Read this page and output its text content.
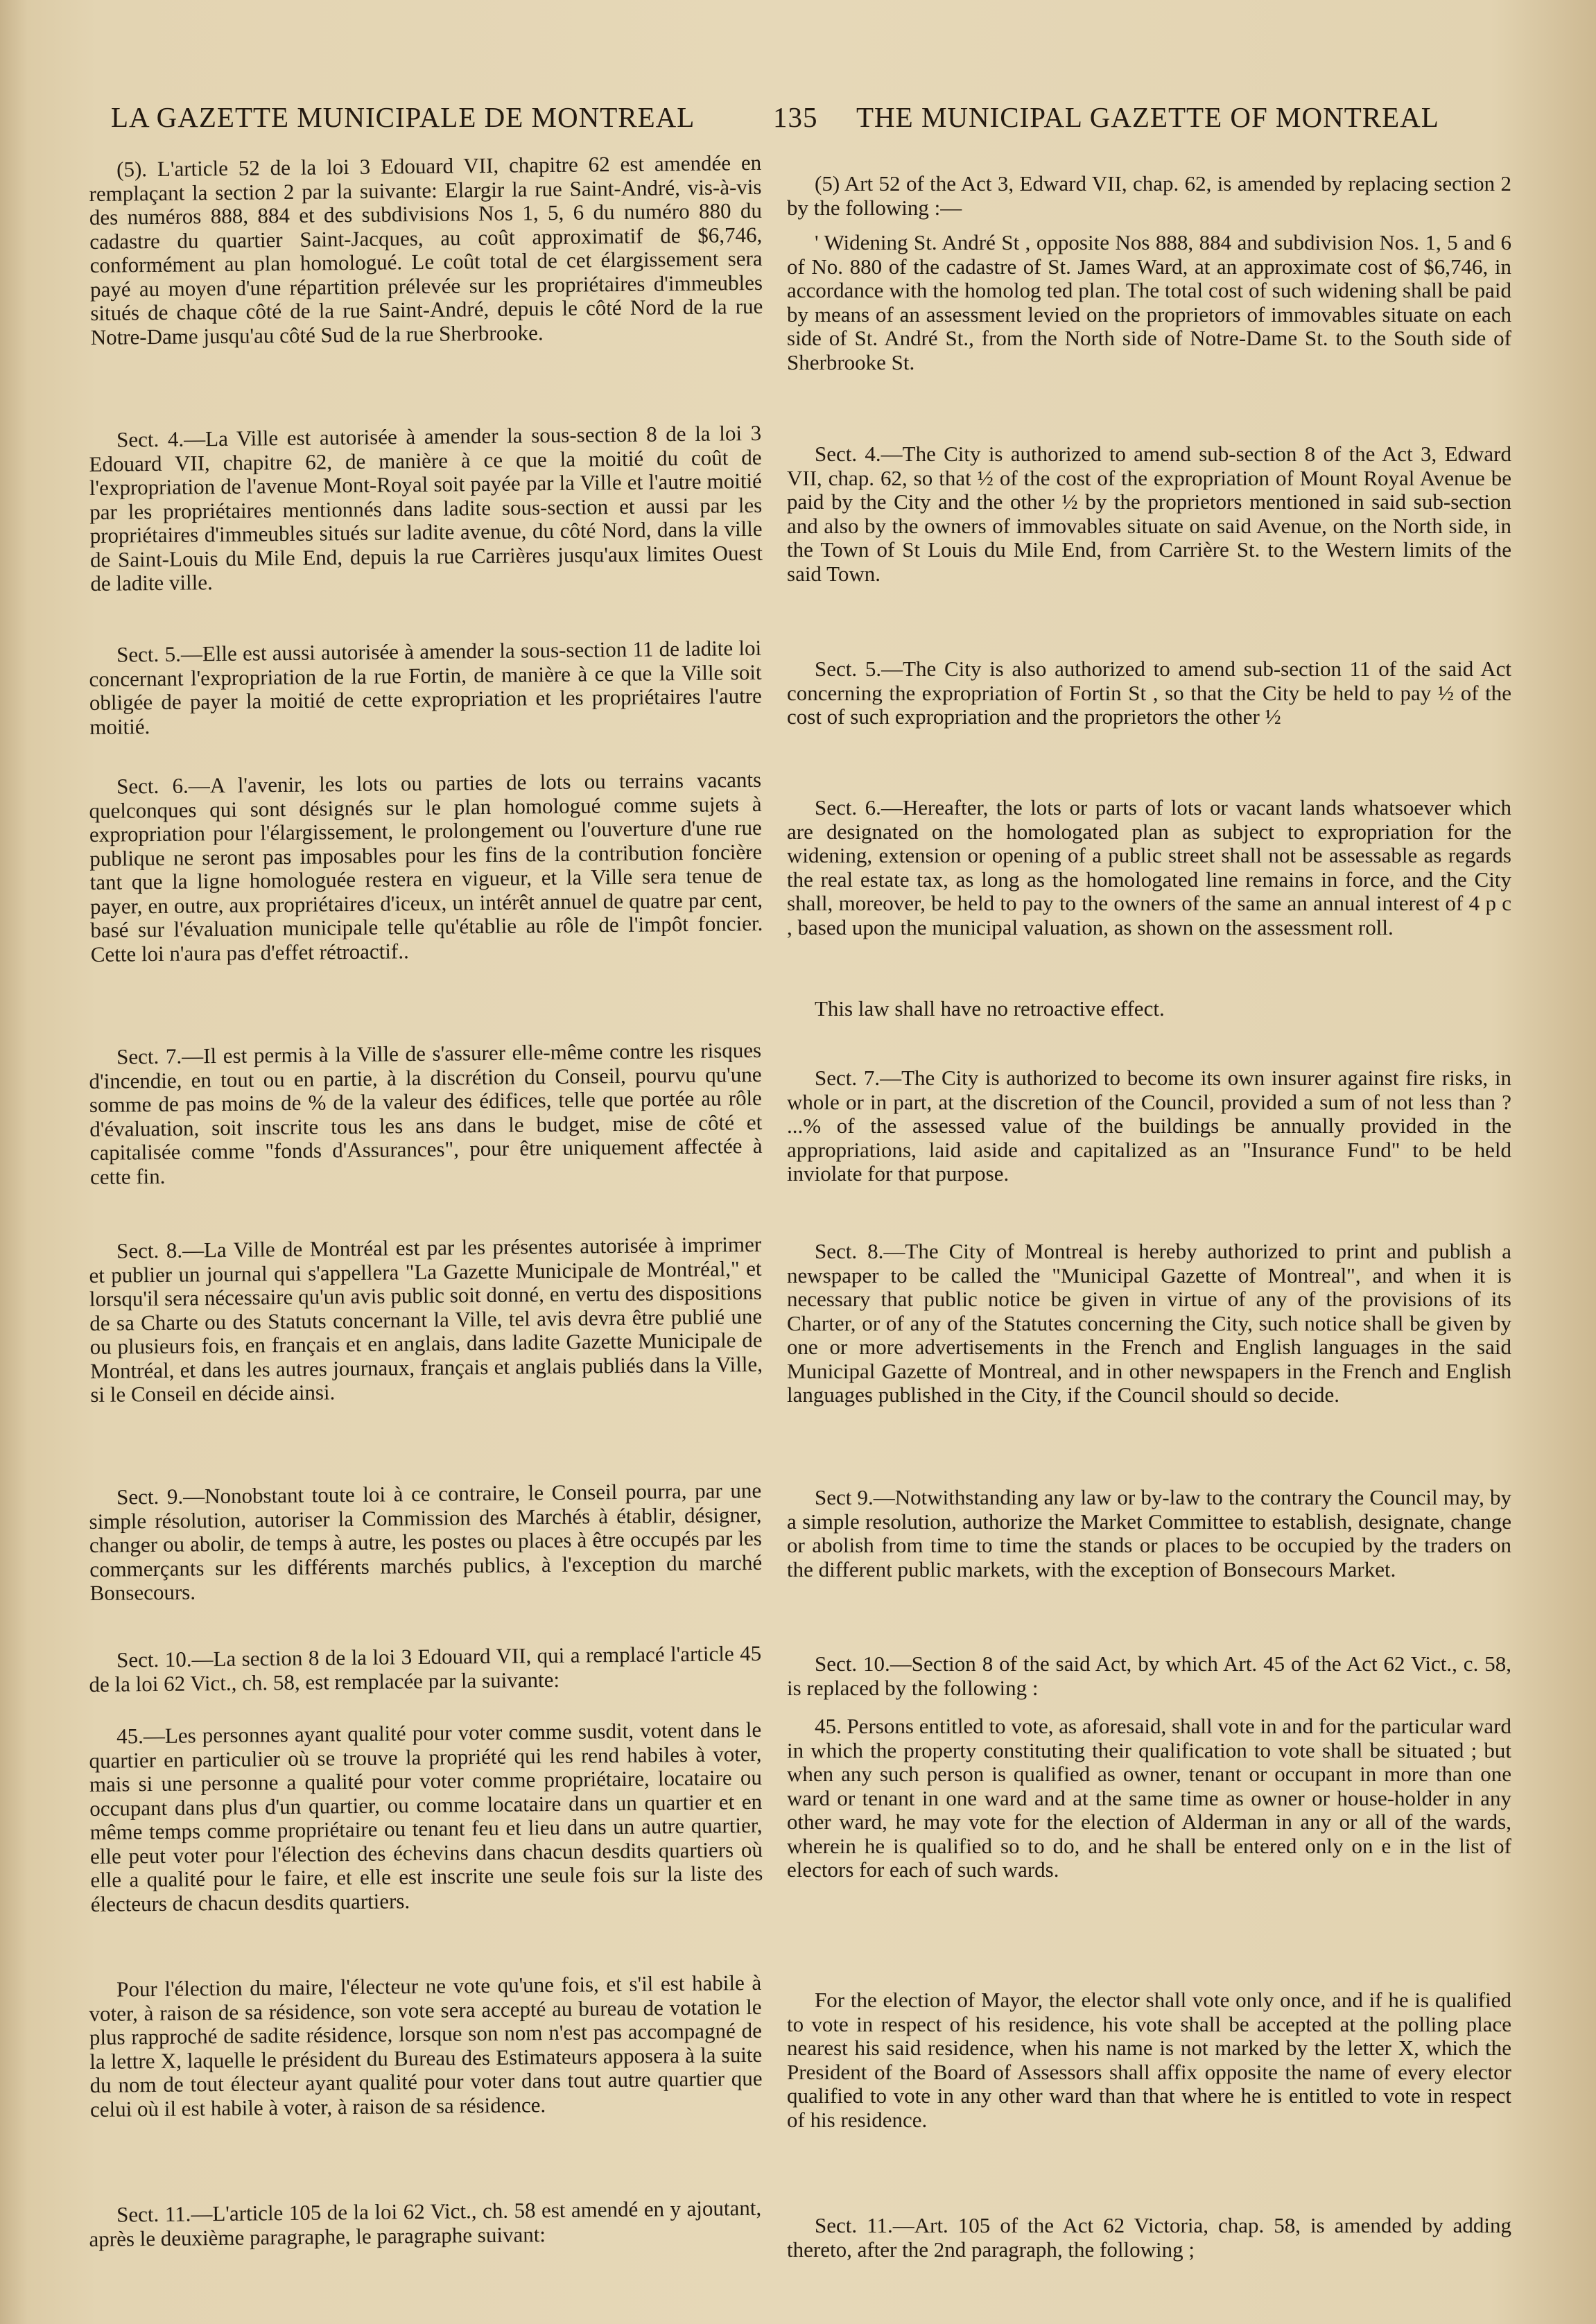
LA GAZETTE MUNICIPALE DE MONTREAL	135 THE MUNICIPAL GAZETTE OF MONTREAL

(5). L'article 52 de la loi 3 Edouard VII, chapitre 62 est amendée en remplaçant la section 2 par la suivante: Elargir la rue Saint-André, vis-à-vis des numéros 888, 884 et des subdivisions Nos 1, 5, 6 du numéro 880 du cadastre du quartier Saint-Jacques, au coût approximatif de $6,746, conformément au plan homologué. Le coût total de cet élargissement sera payé au moyen d'une répartition prélevée sur les propriétaires d'immeubles situés de chaque côté de la rue Saint-André, depuis le côté Nord de la rue Notre-Dame jusqu'au côté Sud de la rue Sherbrooke.

Sect. 4.—La Ville est autorisée à amender la sous-section 8 de la loi 3 Edouard VII, chapitre 62, de manière à ce que la moitié du coût de l'expropriation de l'avenue Mont-Royal soit payée par la Ville et l'autre moitié par les propriétaires mentionnés dans ladite sous-section et aussi par les propriétaires d'immeubles situés sur ladite avenue, du côté Nord, dans la ville de Saint-Louis du Mile End, depuis la rue Carrières jusqu'aux limites Ouest de ladite ville.

Sect. 5.—Elle est aussi autorisée à amender la sous-section 11 de ladite loi concernant l'expropriation de la rue Fortin, de manière à ce que la Ville soit obligée de payer la moitié de cette expropriation et les propriétaires l'autre moitié.

Sect. 6.—A l'avenir, les lots ou parties de lots ou terrains vacants quelconques qui sont désignés sur le plan homologué comme sujets à expropriation pour l'élargissement, le prolongement ou l'ouverture d'une rue publique ne seront pas imposables pour les fins de la contribution foncière tant que la ligne homologuée restera en vigueur, et la Ville sera tenue de payer, en outre, aux propriétaires d'iceux, un intérêt annuel de quatre par cent, basé sur l'évaluation municipale telle qu'établie au rôle de l'impôt foncier. Cette loi n'aura pas d'effet rétroactif..

Sect. 7.—Il est permis à la Ville de s'assurer elle-même contre les risques d'incendie, en tout ou en partie, à la discrétion du Conseil, pourvu qu'une somme de pas moins de % de la valeur des édifices, telle que portée au rôle d'évaluation, soit inscrite tous les ans dans le budget, mise de côté et capitalisée comme "fonds d'Assurances", pour être uniquement affectée à cette fin.

Sect. 8.—La Ville de Montréal est par les présentes autorisée à imprimer et publier un journal qui s'appellera "La Gazette Municipale de Montréal," et lorsqu'il sera nécessaire qu'un avis public soit donné, en vertu des dispositions de sa Charte ou des Statuts concernant la Ville, tel avis devra être publié une ou plusieurs fois, en français et en anglais, dans ladite Gazette Municipale de Montréal, et dans les autres journaux, français et anglais publiés dans la Ville, si le Conseil en décide ainsi.

Sect. 9.—Nonobstant toute loi à ce contraire, le Conseil pourra, par une simple résolution, autoriser la Commission des Marchés à établir, désigner, changer ou abolir, de temps à autre, les postes ou places à être occupés par les commerçants sur les différents marchés publics, à l'exception du marché Bonsecours.

Sect. 10.—La section 8 de la loi 3 Edouard VII, qui a remplacé l'article 45 de la loi 62 Vict., ch. 58, est remplacée par la suivante:

45.—Les personnes ayant qualité pour voter comme susdit, votent dans le quartier en particulier où se trouve la propriété qui les rend habiles à voter, mais si une personne a qualité pour voter comme propriétaire, locataire ou occupant dans plus d'un quartier, ou comme locataire dans un quartier et en même temps comme propriétaire ou tenant feu et lieu dans un autre quartier, elle peut voter pour l'élection des échevins dans chacun desdits quartiers où elle a qualité pour le faire, et elle est inscrite une seule fois sur la liste des électeurs de chacun desdits quartiers.

Pour l'élection du maire, l'électeur ne vote qu'une fois, et s'il est habile à voter, à raison de sa résidence, son vote sera accepté au bureau de votation le plus rapproché de sadite résidence, lorsque son nom n'est pas accompagné de la lettre X, laquelle le président du Bureau des Estimateurs apposera à la suite du nom de tout électeur ayant qualité pour voter dans tout autre quartier que celui où il est habile à voter, à raison de sa résidence.

Sect. 11.—L'article 105 de la loi 62 Vict., ch. 58 est amendé en y ajoutant, après le deuxième paragraphe, le paragraphe suivant:

(5) Art 52 of the Act 3, Edward VII, chap. 62, is amended by replacing section 2 by the following :—

' Widening St. André St , opposite Nos 888, 884 and subdivision Nos. 1, 5 and 6 of No. 880 of the cadastre of St. James Ward, at an approximate cost of $6,746, in accordance with the homolog ted plan. The total cost of such widening shall be paid by means of an assessment levied on the proprietors of immovables situate on each side of St. André St., from the North side of Notre-Dame St. to the South side of Sherbrooke St.

Sect. 4.—The City is authorized to amend sub-section 8 of the Act 3, Edward VII, chap. 62, so that ½ of the cost of the expropriation of Mount Royal Avenue be paid by the City and the other ½ by the proprietors mentioned in said sub-section and also by the owners of immovables situate on said Avenue, on the North side, in the Town of St Louis du Mile End, from Carrière St. to the Western limits of the said Town.

Sect. 5.—The City is also authorized to amend sub-section 11 of the said Act concerning the expropriation of Fortin St , so that the City be held to pay ½ of the cost of such expropriation and the proprietors the other ½

Sect. 6.—Hereafter, the lots or parts of lots or vacant lands whatsoever which are designated on the homologated plan as subject to expropriation for the widening, extension or opening of a public street shall not be assessable as regards the real estate tax, as long as the homologated line remains in force, and the City shall, moreover, be held to pay to the owners of the same an annual interest of 4 p c , based upon the municipal valuation, as shown on the assessment roll.

This law shall have no retroactive effect.

Sect. 7.—The City is authorized to become its own insurer against fire risks, in whole or in part, at the discretion of the Council, provided a sum of not less than ? ...% of the assessed value of the buildings be annually provided in the appropriations, laid aside and capitalized as an "Insurance Fund" to be held inviolate for that purpose.

Sect. 8.—The City of Montreal is hereby authorized to print and publish a newspaper to be called the "Municipal Gazette of Montreal", and when it is necessary that public notice be given in virtue of any of the provisions of its Charter, or of any of the Statutes concerning the City, such notice shall be given by one or more advertisements in the French and English languages in the said Municipal Gazette of Montreal, and in other newspapers in the French and English languages published in the City, if the Council should so decide.

Sect 9.—Notwithstanding any law or by-law to the contrary the Council may, by a simple resolution, authorize the Market Committee to establish, designate, change or abolish from time to time the stands or places to be occupied by the traders on the different public markets, with the exception of Bonsecours Market.

Sect. 10.—Section 8 of the said Act, by which Art. 45 of the Act 62 Vict., c. 58, is replaced by the following :

45. Persons entitled to vote, as aforesaid, shall vote in and for the particular ward in which the property constituting their qualification to vote shall be situated ; but when any such person is qualified as owner, tenant or occupant in more than one ward or tenant in one ward and at the same time as owner or house-holder in any other ward, he may vote for the election of Alderman in any or all of the wards, wherein he is qualified so to do, and he shall be entered only on e in the list of electors for each of such wards.

For the election of Mayor, the elector shall vote only once, and if he is qualified to vote in respect of his residence, his vote shall be accepted at the polling place nearest his said residence, when his name is not marked by the letter X, which the President of the Board of Assessors shall affix opposite the name of every elector qualified to vote in any other ward than that where he is entitled to vote in respect of his residence.

Sect. 11.—Art. 105 of the Act 62 Victoria, chap. 58, is amended by adding thereto, after the 2nd paragraph, the following ;
